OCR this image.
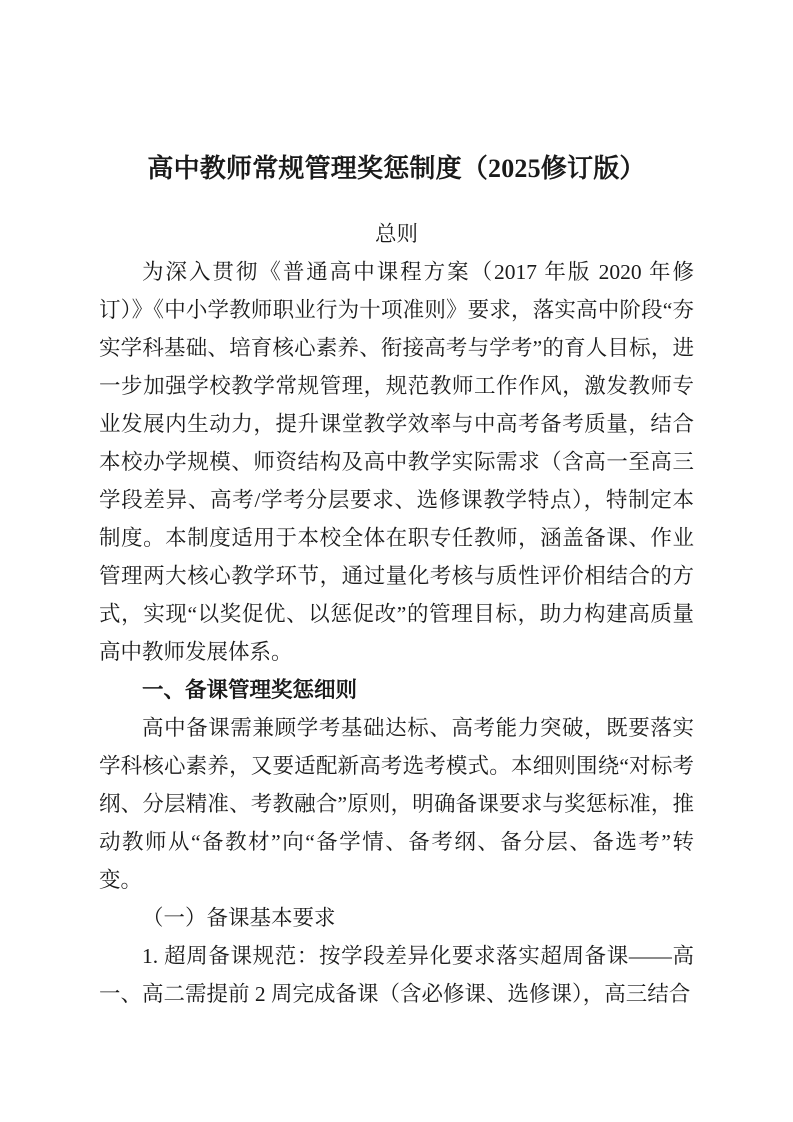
高中教师常规管理奖惩制度（2025修订版）

总则

为深入贯彻《普通高中课程方案（2017 年版 2020 年修订）》《中小学教师职业行为十项准则》要求，落实高中阶段“夯实学科基础、培育核心素养、衔接高考与学考”的育人目标，进一步加强学校教学常规管理，规范教师工作作风，激发教师专业发展内生动力，提升课堂教学效率与中高考备考质量，结合本校办学规模、师资结构及高中教学实际需求（含高一至高三学段差异、高考/学考分层要求、选修课教学特点），特制定本制度。本制度适用于本校全体在职专任教师，涵盖备课、作业管理两大核心教学环节，通过量化考核与质性评价相结合的方式，实现“以奖促优、以惩促改”的管理目标，助力构建高质量高中教师发展体系。

一、备课管理奖惩细则

高中备课需兼顾学考基础达标、高考能力突破，既要落实学科核心素养，又要适配新高考选考模式。本细则围绕“对标考纲、分层精准、考教融合”原则，明确备课要求与奖惩标准，推动教师从“备教材”向“备学情、备考纲、备分层、备选考”转变。

（一）备课基本要求

1. 超周备课规范：按学段差异化要求落实超周备课——高一、高二需提前 2 周完成备课（含必修课、选修课），高三结合
